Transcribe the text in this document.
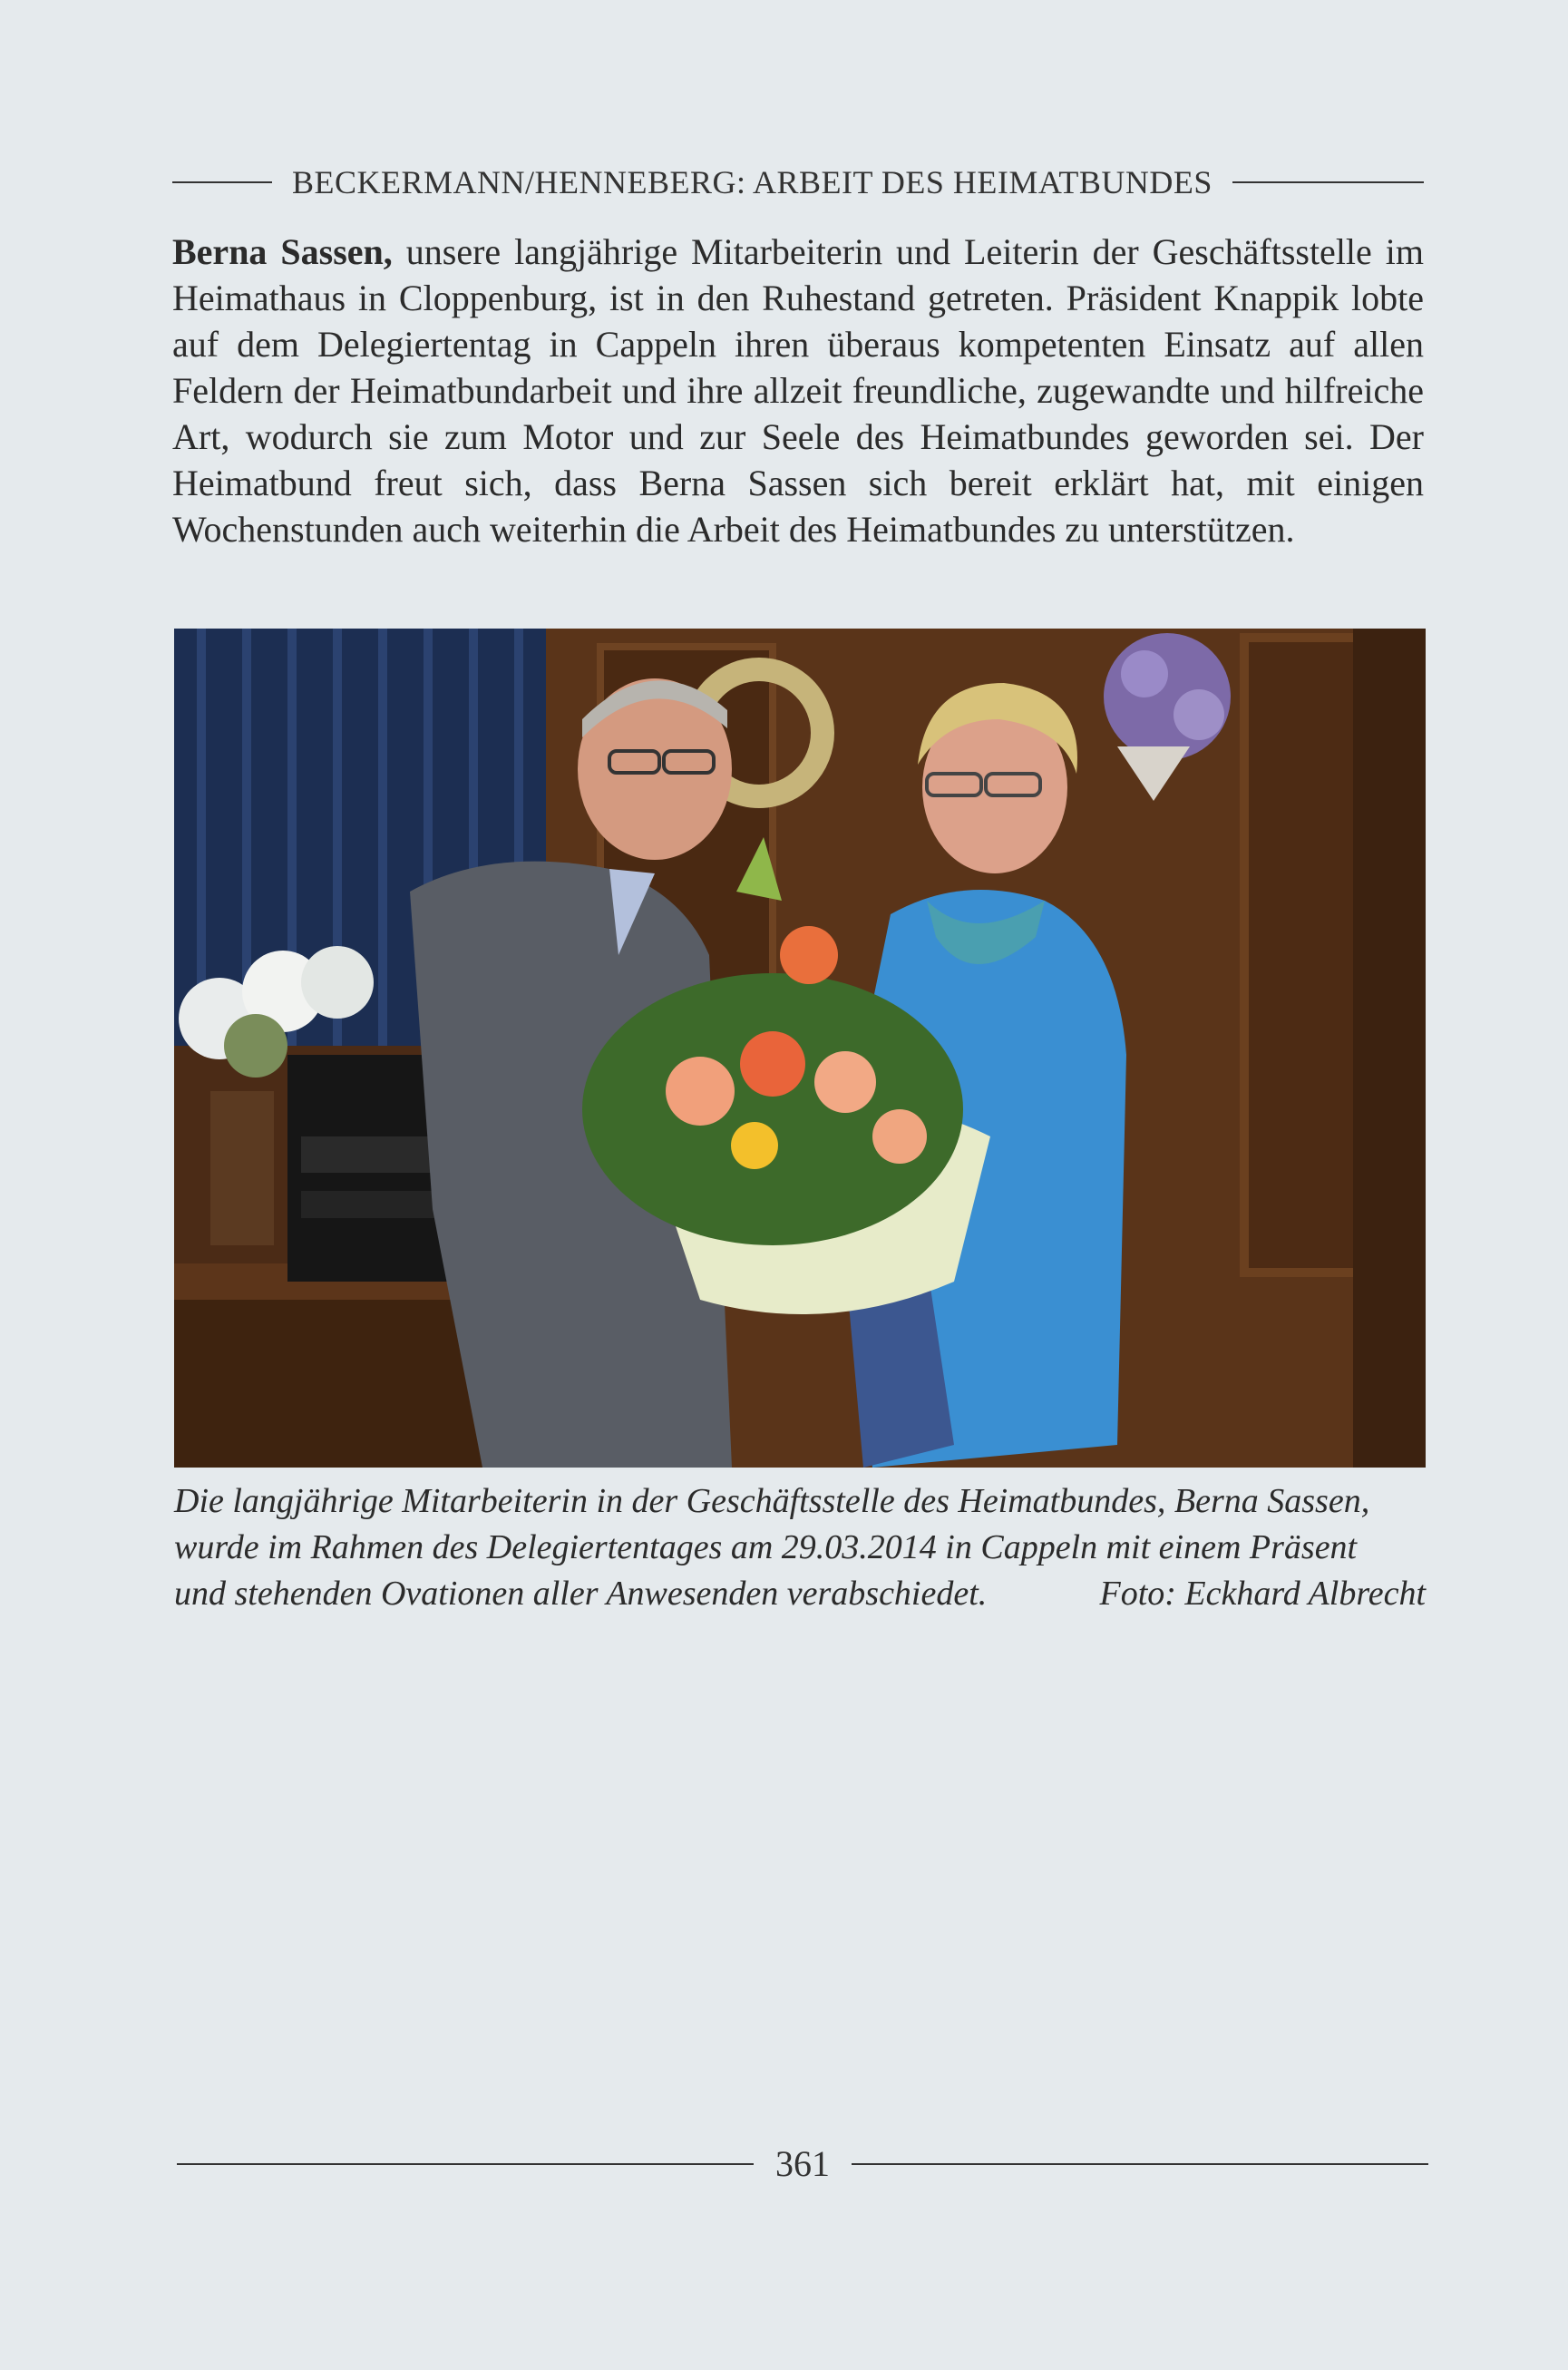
BECKERMANN/HENNEBERG: ARBEIT DES HEIMATBUNDES
Berna Sassen, unsere langjährige Mitarbeiterin und Leiterin der Geschäftsstelle im Heimathaus in Cloppenburg, ist in den Ruhestand getreten. Präsident Knappik lobte auf dem Delegiertentag in Cappeln ihren überaus kompetenten Einsatz auf allen Feldern der Heimatbundarbeit und ihre allzeit freundliche, zugewandte und hilfreiche Art, wodurch sie zum Motor und zur Seele des Heimatbundes geworden sei. Der Heimatbund freut sich, dass Berna Sassen sich bereit erklärt hat, mit einigen Wochenstunden auch weiterhin die Arbeit des Heimatbundes zu unterstützen.
Die langjährige Mitarbeiterin in der Geschäftsstelle des Heimatbundes, Berna Sassen,
wurde im Rahmen des Delegiertentages am 29.03.2014 in Cappeln mit einem Präsent
und stehenden Ovationen aller Anwesenden verabschiedet.	Foto: Eckhard Albrecht
361
